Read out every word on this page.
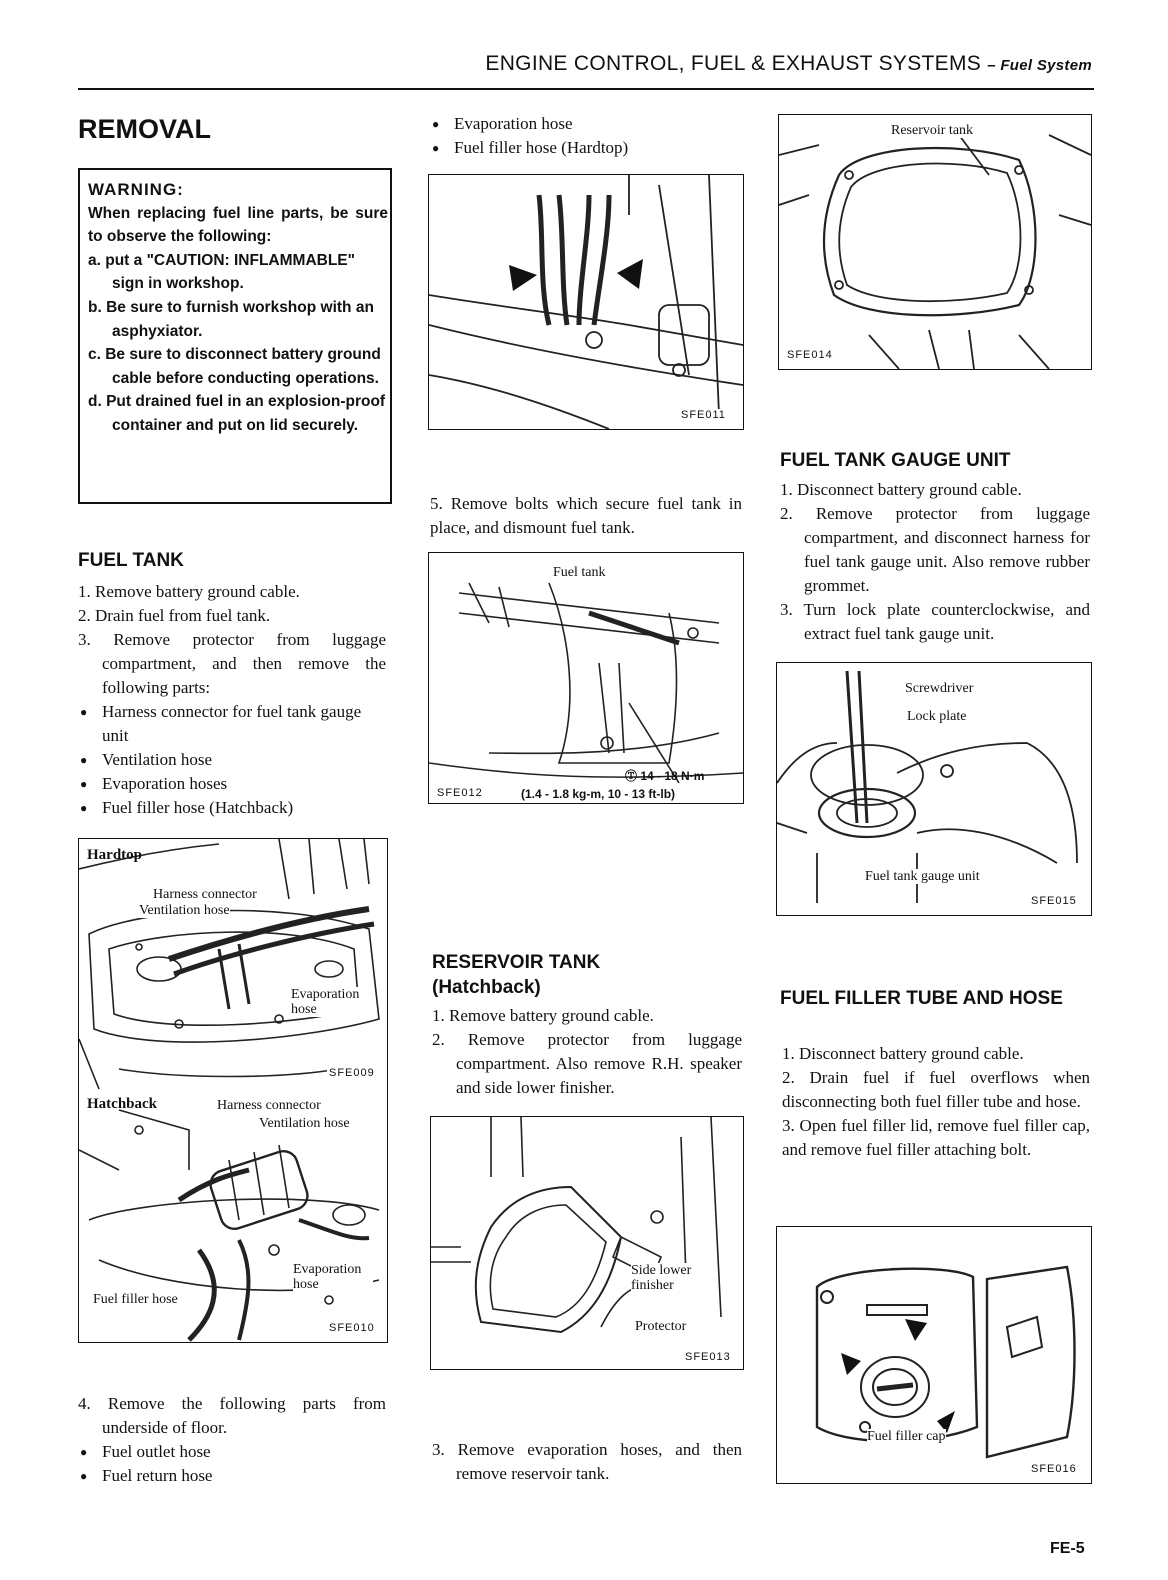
ENGINE CONTROL, FUEL & EXHAUST SYSTEMS – Fuel System
REMOVAL
WARNING:
When replacing fuel line parts, be sure to observe the following:
a. put a "CAUTION: INFLAMMABLE" sign in workshop.
b. Be sure to furnish workshop with an asphyxiator.
c. Be sure to disconnect battery ground cable before conducting operations.
d. Put drained fuel in an explosion-proof container and put on lid securely.
FUEL TANK

1. Remove battery ground cable.

2. Drain fuel from fuel tank.

3. Remove protector from luggage compartment, and then remove the following parts:

● Harness connector for fuel tank gauge unit

● Ventilation hose

● Evaporation hoses

● Fuel filler hose (Hatchback)

Hardtop
Harness connector
Ventilation hose
Evaporation hose
SFE009
Hatchback	Harness connector
Ventilation hose
Evaporation hose
Fuel filler hose
SFE010

4. Remove the following parts from underside of floor.

● Fuel outlet hose

● Fuel return hose

● Evaporation hose

● Fuel filler hose (Hardtop)

SFE011
5. Remove bolts which secure fuel tank in place, and dismount fuel tank.
Fuel tank
Ⓣ 14 - 18 N·m
SFE012	(1.4 - 1.8 kg-m, 10 - 13 ft-lb)
RESERVOIR TANK
(Hatchback)

1. Remove battery ground cable.

2. Remove protector from luggage compartment. Also remove R.H. speaker and side lower finisher.

Side lower finisher
Protector
SFE013

3. Remove evaporation hoses, and then remove reservoir tank.

Reservoir tank
SFE014
FUEL TANK GAUGE UNIT

1. Disconnect battery ground cable.

2. Remove protector from luggage compartment, and disconnect harness for fuel tank gauge unit. Also remove rubber grommet.

3. Turn lock plate counterclockwise, and extract fuel tank gauge unit.

Screwdriver
Lock plate
Fuel tank gauge unit
SFE015
FUEL FILLER TUBE AND HOSE

1. Disconnect battery ground cable.

2. Drain fuel if fuel overflows when disconnecting both fuel filler tube and hose.

3. Open fuel filler lid, remove fuel filler cap, and remove fuel filler attaching bolt.

Fuel filler cap
SFE016
FE-5
